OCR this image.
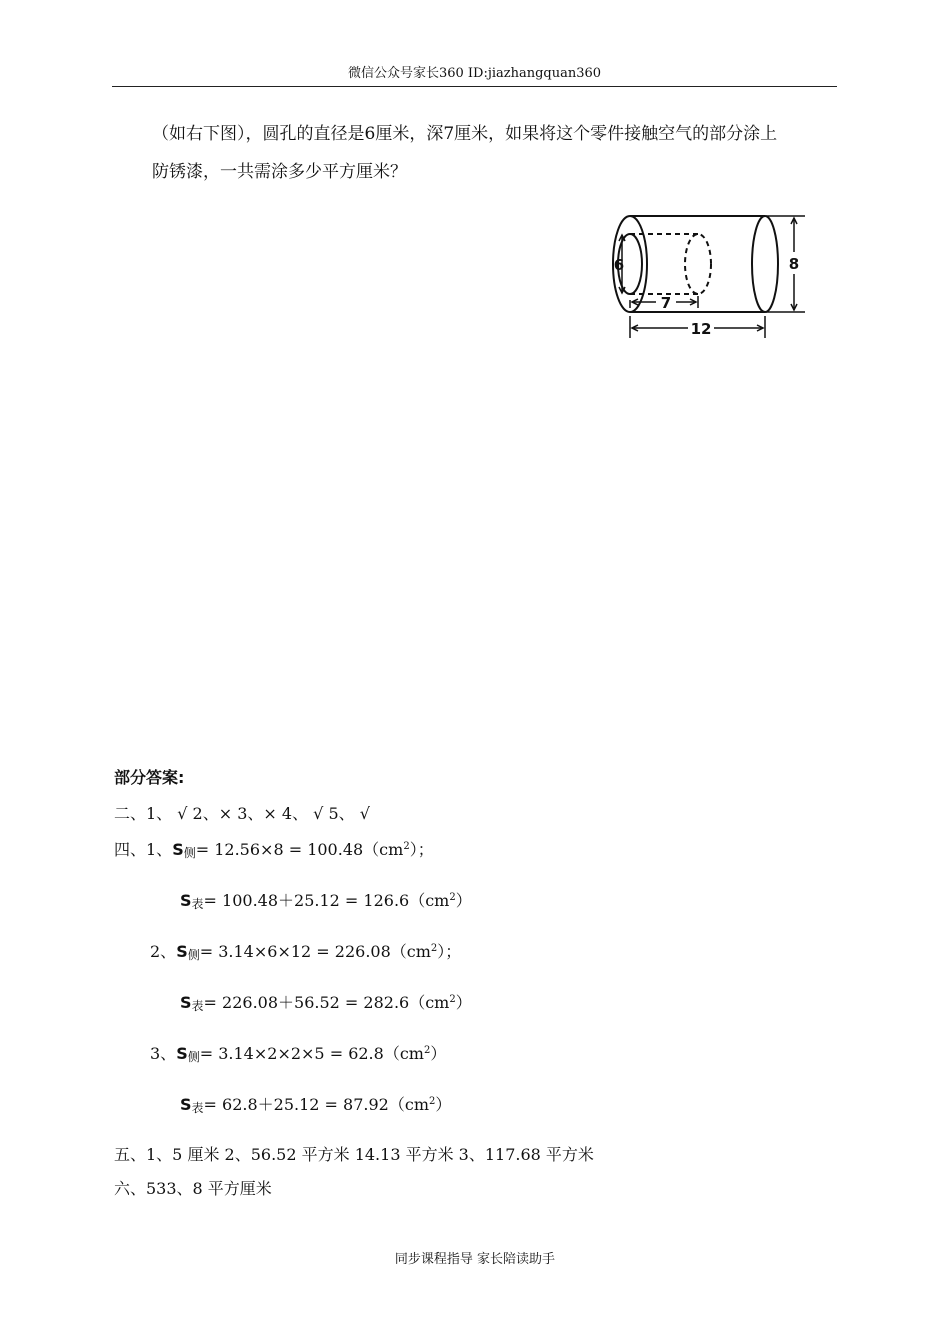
微信公众号家长360 ID:jiazhangquan360
（如右下图），圆孔的直径是6厘米，深7厘米，如果将这个零件接触空气的部分涂上
防锈漆，一共需涂多少平方厘米？
6
7
8
12
部分答案:
二、1、 √ 2、× 3、× 4、 √ 5、 √
四、1、$S_侧= 12.56\times 8 = 100.48(cm^2)$；
$S_表= 100.48+25.12 = 126.6(cm^2)$
2、$S_侧= 3.14\times 6\times 12 = 226.08(cm^2)$；
$S_表= 226.08+56.52 = 282.6(cm^2)$
3、$S_侧= 3.14\times 2\times 2\times 5 = 62.8(cm^2)$
$S_表= 62.8+25.12 = 87.92(cm^2)$
五、1、5 厘米 2、56.52 平方米 14.13 平方米 3、117.68 平方米
六、533、8 平方厘米
同步课程指导 家长陪读助手
